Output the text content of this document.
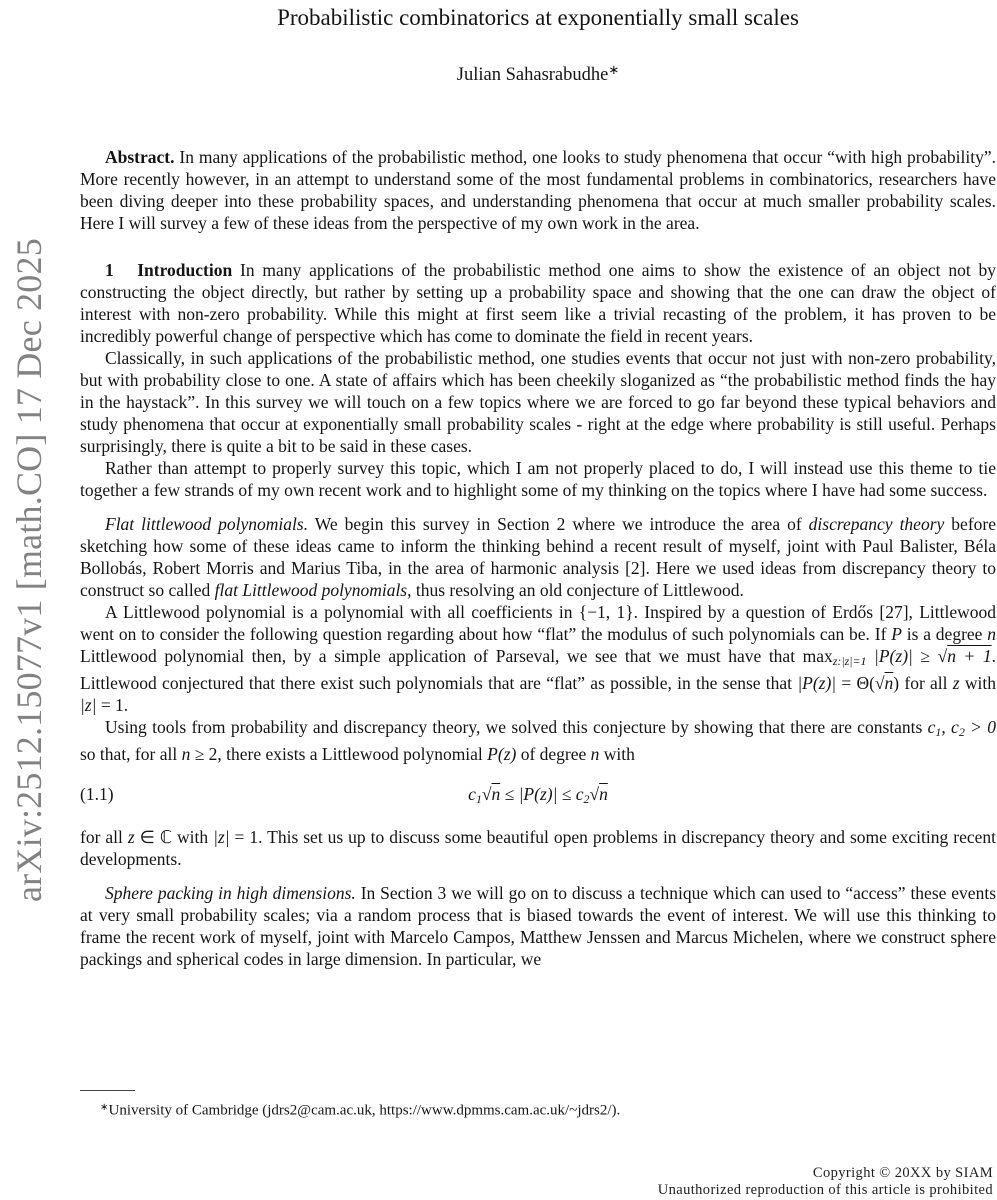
arXiv:2512.15077v1 [math.CO] 17 Dec 2025
Probabilistic combinatorics at exponentially small scales
Julian Sahasrabudhe∗

Abstract. In many applications of the probabilistic method, one looks to study phenomena that occur “with high probability”. More recently however, in an attempt to understand some of the most fundamental problems in combinatorics, researchers have been diving deeper into these probability spaces, and understanding phenomena that occur at much smaller probability scales. Here I will survey a few of these ideas from the perspective of my own work in the area.

1   Introduction In many applications of the probabilistic method one aims to show the existence of an object not by constructing the object directly, but rather by setting up a probability space and showing that the one can draw the object of interest with non-zero probability. While this might at first seem like a trivial recasting of the problem, it has proven to be incredibly powerful change of perspective which has come to dominate the field in recent years.

Classically, in such applications of the probabilistic method, one studies events that occur not just with non-zero probability, but with probability close to one. A state of affairs which has been cheekily sloganized as “the probabilistic method finds the hay in the haystack”. In this survey we will touch on a few topics where we are forced to go far beyond these typical behaviors and study phenomena that occur at exponentially small probability scales - right at the edge where probability is still useful. Perhaps surprisingly, there is quite a bit to be said in these cases.

Rather than attempt to properly survey this topic, which I am not properly placed to do, I will instead use this theme to tie together a few strands of my own recent work and to highlight some of my thinking on the topics where I have had some success.

Flat littlewood polynomials. We begin this survey in Section 2 where we introduce the area of discrepancy theory before sketching how some of these ideas came to inform the thinking behind a recent result of myself, joint with Paul Balister, Béla Bollobás, Robert Morris and Marius Tiba, in the area of harmonic analysis [2]. Here we used ideas from discrepancy theory to construct so called flat Littlewood polynomials, thus resolving an old conjecture of Littlewood.

A Littlewood polynomial is a polynomial with all coefficients in {−1, 1}. Inspired by a question of Erdős [27], Littlewood went on to consider the following question regarding about how “flat” the modulus of such polynomials can be. If P is a degree n Littlewood polynomial then, by a simple application of Parseval, we see that we must have that maxz:|z|=1 |P(z)| ≥ √n + 1. Littlewood conjectured that there exist such polynomials that are “flat” as possible, in the sense that |P(z)| = Θ(√n) for all z with |z| = 1.

Using tools from probability and discrepancy theory, we solved this conjecture by showing that there are constants c1, c2 > 0 so that, for all n ≥ 2, there exists a Littlewood polynomial P(z) of degree n with

(1.1)	c1√n ≤ |P(z)| ≤ c2√n

for all z ∈ ℂ with |z| = 1. This set us up to discuss some beautiful open problems in discrepancy theory and some exciting recent developments.

Sphere packing in high dimensions. In Section 3 we will go on to discuss a technique which can used to “access” these events at very small probability scales; via a random process that is biased towards the event of interest. We will use this thinking to frame the recent work of myself, joint with Marcelo Campos, Matthew Jenssen and Marcus Michelen, where we construct sphere packings and spherical codes in large dimension. In particular, we

∗University of Cambridge (jdrs2@cam.ac.uk, https://www.dpmms.cam.ac.uk/~jdrs2/).

Copyright © 20XX by SIAM
Unauthorized reproduction of this article is prohibited
